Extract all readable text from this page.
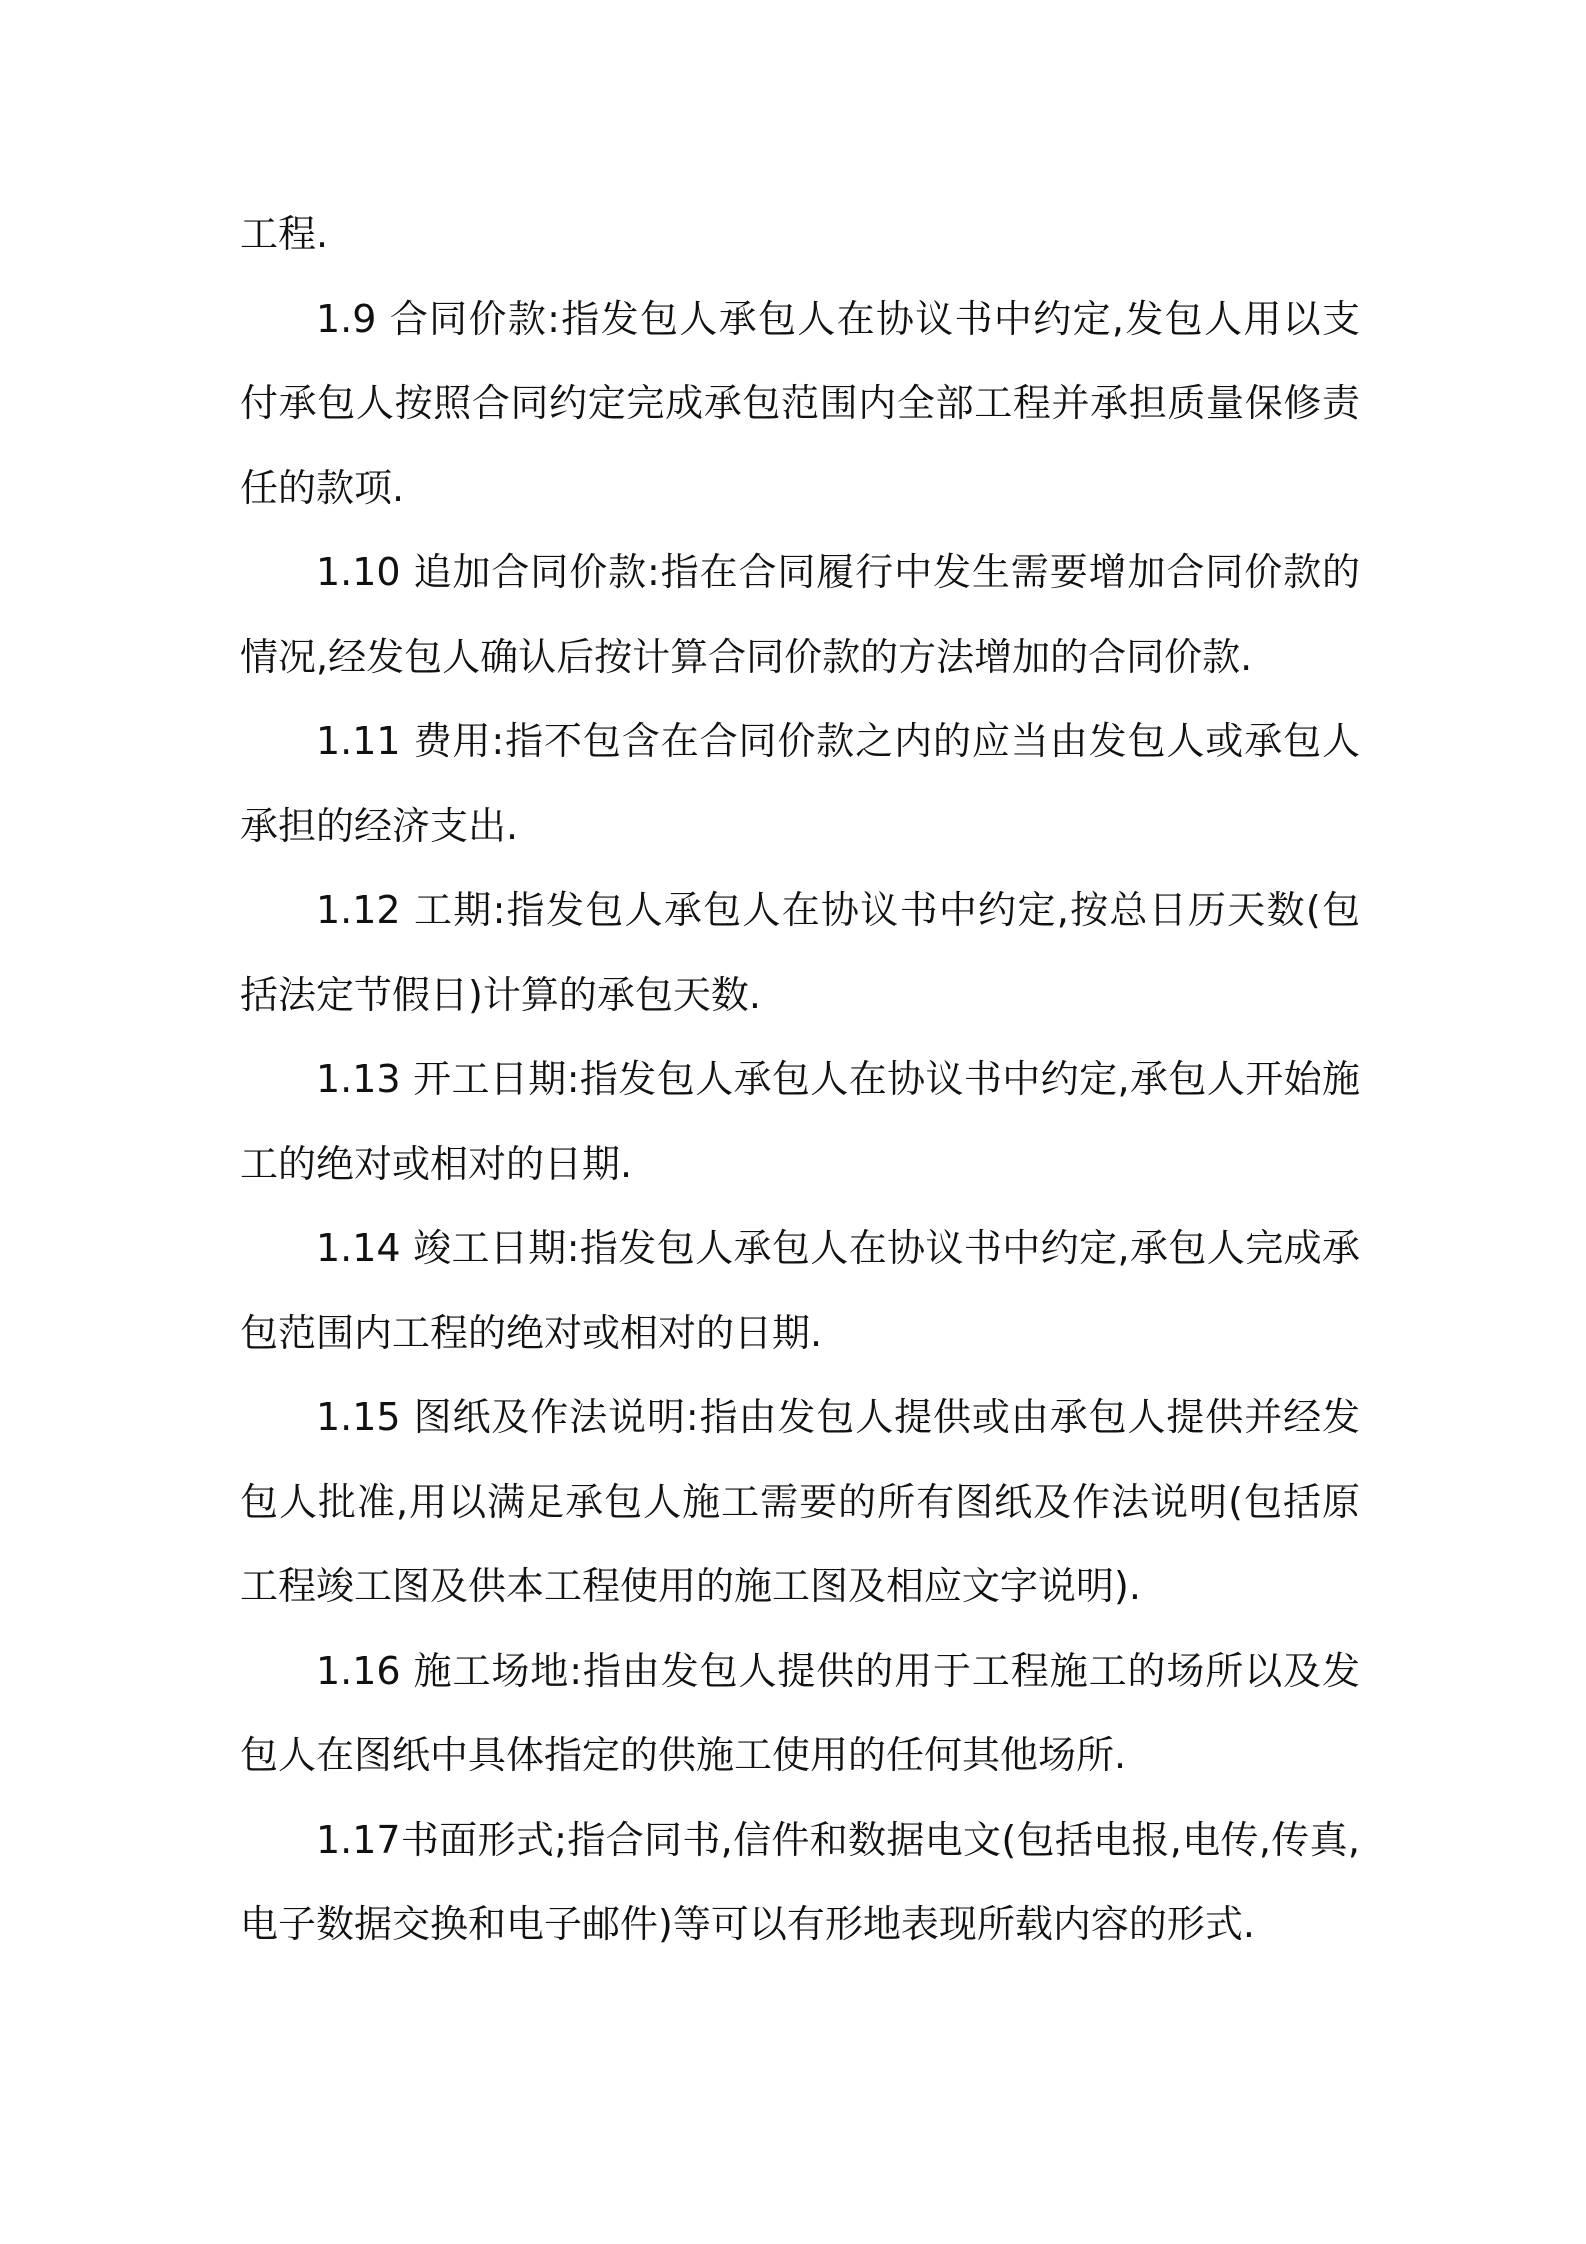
工程.

1.9 合同价款:指发包人承包人在协议书中约定,发包人用以支付承包人按照合同约定完成承包范围内全部工程并承担质量保修责任的款项.

1.10 追加合同价款:指在合同履行中发生需要增加合同价款的情况,经发包人确认后按计算合同价款的方法增加的合同价款.

1.11 费用:指不包含在合同价款之内的应当由发包人或承包人承担的经济支出.

1.12 工期:指发包人承包人在协议书中约定,按总日历天数(包括法定节假日)计算的承包天数.

1.13 开工日期:指发包人承包人在协议书中约定,承包人开始施工的绝对或相对的日期.

1.14 竣工日期:指发包人承包人在协议书中约定,承包人完成承包范围内工程的绝对或相对的日期.

1.15 图纸及作法说明:指由发包人提供或由承包人提供并经发包人批准,用以满足承包人施工需要的所有图纸及作法说明(包括原工程竣工图及供本工程使用的施工图及相应文字说明).

1.16 施工场地:指由发包人提供的用于工程施工的场所以及发包人在图纸中具体指定的供施工使用的任何其他场所.

1.17书面形式;指合同书,信件和数据电文(包括电报,电传,传真,电子数据交换和电子邮件)等可以有形地表现所载内容的形式.
